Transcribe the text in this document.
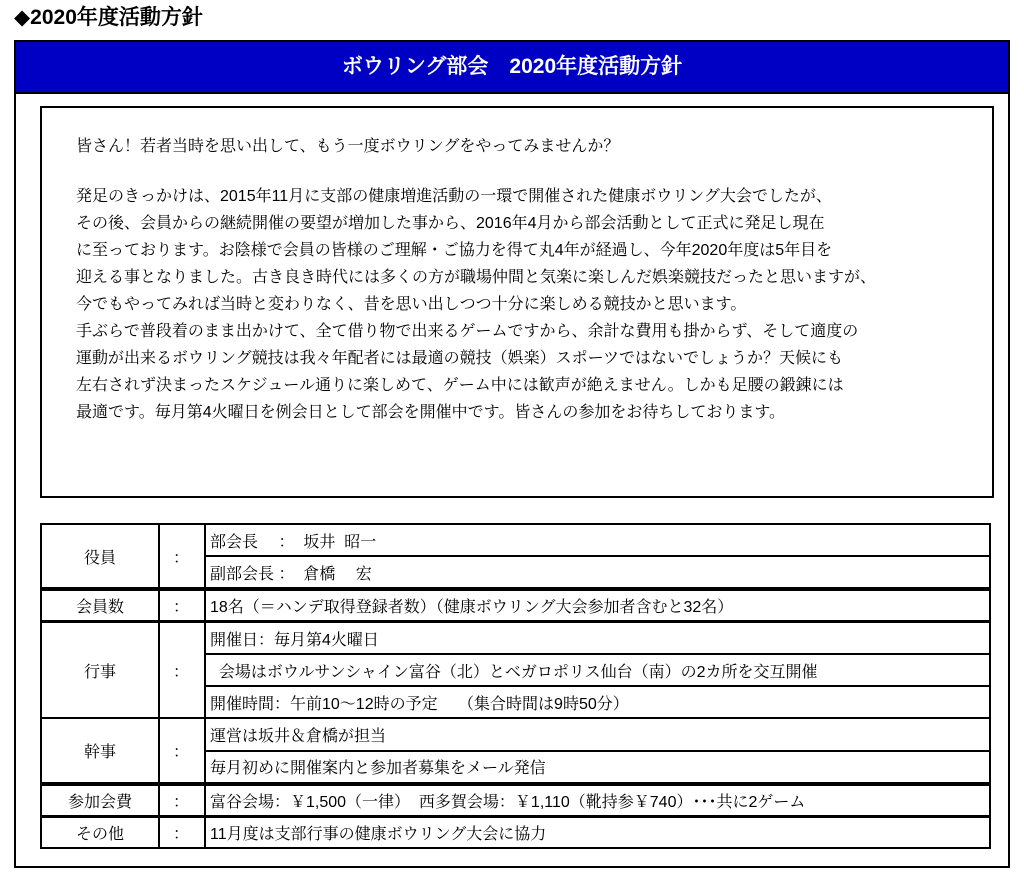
◆2020年度活動方針
ボウリング部会　2020年度活動方針
皆さん！若者当時を思い出して、もう一度ボウリングをやってみませんか？
発足のきっかけは、2015年11月に支部の健康増進活動の一環で開催された健康ボウリング大会でしたが、
その後、会員からの継続開催の要望が増加した事から、2016年4月から部会活動として正式に発足し現在
に至っております。お陰様で会員の皆様のご理解・ご協力を得て丸4年が経過し、今年2020年度は5年目を
迎える事となりました。古き良き時代には多くの方が職場仲間と気楽に楽しんだ娯楽競技だったと思いますが、
今でもやってみれば当時と変わりなく、昔を思い出しつつ十分に楽しめる競技かと思います。
手ぶらで普段着のまま出かけて、全て借り物で出来るゲームですから、余計な費用も掛からず、そして適度の
運動が出来るボウリング競技は我々年配者には最適の競技（娯楽）スポーツではないでしょうか？天候にも
左右されず決まったスケジュール通りに楽しめて、ゲーム中には歓声が絶えません。しかも足腰の鍛錬には
最適です。毎月第4火曜日を例会日として部会を開催中です。皆さんの参加をお待ちしております。
役員	：
部会長　 ：  坂井  昭一
副部会長 ：  倉橋　 宏
会員数	：	18名（＝ハンデ取得登録者数）（健康ボウリング大会参加者含むと32名）
行事	：
開催日：毎月第4火曜日
会場はボウルサンシャイン富谷（北）とベガロポリス仙台（南）の2カ所を交互開催
開催時間：午前10～12時の予定　 （集合時間は9時50分）
幹事	：
運営は坂井＆倉橋が担当
毎月初めに開催案内と参加者募集をメール発信
参加会費	：	富谷会場：￥1,500（一律）  西多賀会場：￥1,110（靴持参￥740）･･･共に2ゲーム
その他	：	11月度は支部行事の健康ボウリング大会に協力
